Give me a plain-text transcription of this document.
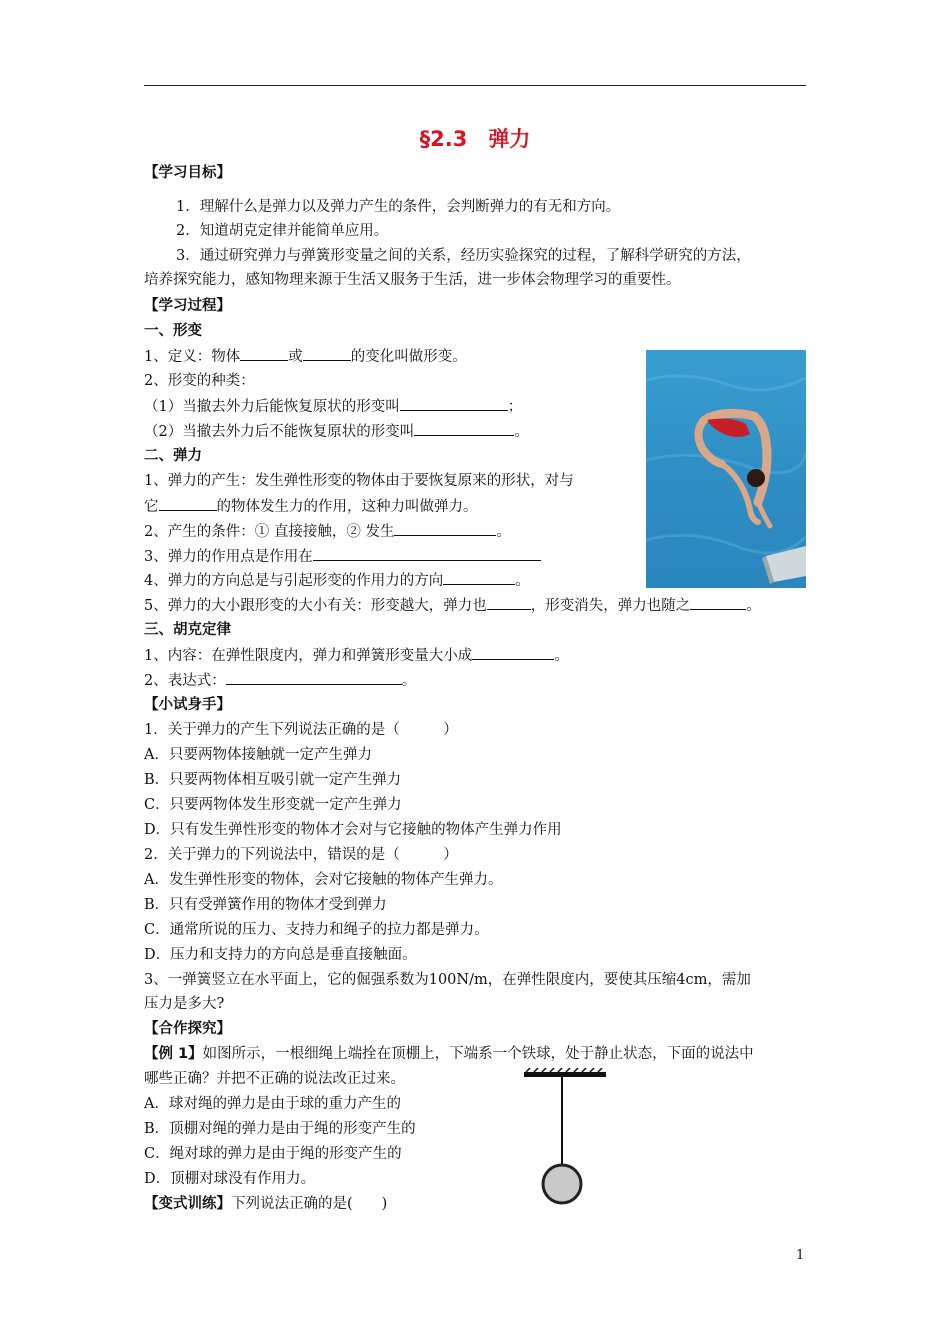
§2.3　弹力
【学习目标】
1．理解什么是弹力以及弹力产生的条件，会判断弹力的有无和方向。
2．知道胡克定律并能简单应用。
3．通过研究弹力与弹簧形变量之间的关系，经历实验探究的过程，了解科学研究的方法，
培养探究能力，感知物理来源于生活又服务于生活，进一步体会物理学习的重要性。
【学习过程】
一、形变
1、定义：物体	或	的变化叫做形变。
2、形变的种类：
（1）当撤去外力后能恢复原状的形变叫	；
（2）当撤去外力后不能恢复原状的形变叫	。
二、弹力
1、弹力的产生：发生弹性形变的物体由于要恢复原来的形状，对与
它	的物体发生力的作用，这种力叫做弹力。
2、产生的条件：① 直接接触，② 发生	。
3、弹力的作用点是作用在
4、弹力的方向总是与引起形变的作用力的方向	。
5、弹力的大小跟形变的大小有关：形变越大，弹力也	，形变消失，弹力也随之	。
三、胡克定律
1、内容：在弹性限度内，弹力和弹簧形变量大小成	。
2、表达式：	。
【小试身手】
1．关于弹力的产生下列说法正确的是（　　　）
A．只要两物体接触就一定产生弹力
B．只要两物体相互吸引就一定产生弹力
C．只要两物体发生形变就一定产生弹力
D．只有发生弹性形变的物体才会对与它接触的物体产生弹力作用
2．关于弹力的下列说法中，错误的是（　　　）
A．发生弹性形变的物体，会对它接触的物体产生弹力。
B．只有受弹簧作用的物体才受到弹力
C．通常所说的压力、支持力和绳子的拉力都是弹力。
D．压力和支持力的方向总是垂直接触面。
3、一弹簧竖立在水平面上，它的倔强系数为100N/m，在弹性限度内，要使其压缩4cm，需加
压力是多大?
【合作探究】
【例 1】如图所示，一根细绳上端拴在顶棚上，下端系一个铁球，处于静止状态，下面的说法中
哪些正确？并把不正确的说法改正过来。
A．球对绳的弹力是由于球的重力产生的
B．顶棚对绳的弹力是由于绳的形变产生的
C．绳对球的弹力是由于绳的形变产生的
D．顶棚对球没有作用力。
【变式训练】下列说法正确的是(　　)
1
